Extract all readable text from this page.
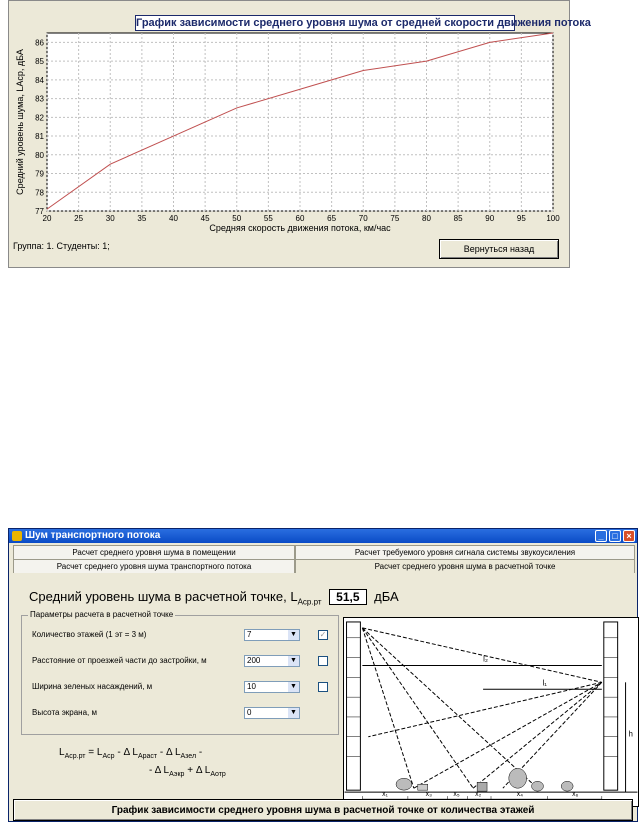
20	25	30	35	40	45	50	55	60	65	70	75	80	85	90	95	100
77
78
79
80
81
82
83
84
85
86
Средняя скорость движения потока, км/час
Средний уровень шума, LАср, дБА
График зависимости среднего уровня шума от средней скорости движения потока
Группа: 1. Студенты: 1;	Вернуться назад
Шум транспортного потока	_ □ ×
Расчет среднего уровня шума в помещении	Расчет требуемого уровня сигнала системы звукоусиления
Расчет среднего уровня шума транспортного потока	Расчет среднего уровня шума в расчетной точке
Средний уровень шума в расчетной точке, $L_{Аср.рт}$ 51,5 дБА
Параметры расчета в расчетной точке
Количество этажей (1 эт = 3 м)	7	▼	✓
Расстояние от проезжей части до застройки, м	200	▼
Ширина зеленых насаждений, м	10	▼
Высота экрана, м	0	▼
$L_{Аср.рт} = L_{Аср} - \Delta$ $L_{Араст}$ - Δ $L_{Азел}$ -
- Δ $L_{Аэкр} + \Delta$ $L_{Аотр}$
l₂
l₁
h
x₁	x₃	x₅ x₂	x₄	x₆
График зависимости среднего уровня шума в расчетной точке от количества этажей
